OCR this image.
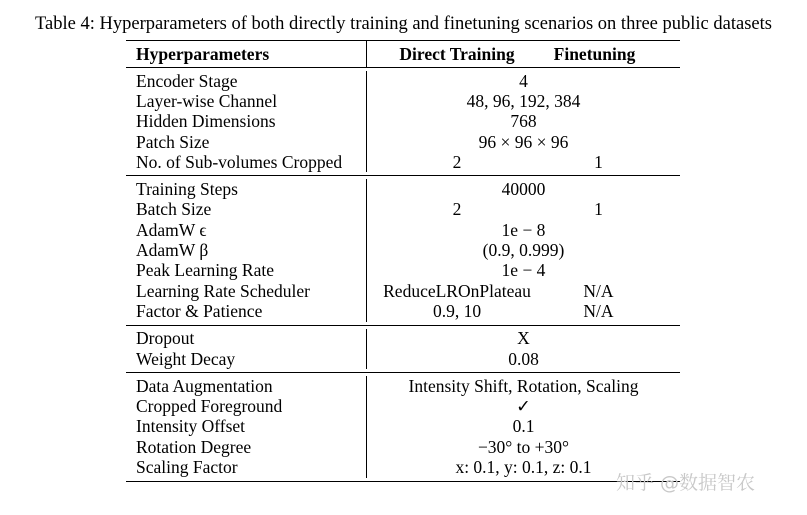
Table 4: Hyperparameters of both directly training and finetuning scenarios on three public datasets
Hyperparameters	Direct Training	Finetuning
Encoder Stage	4
Layer-wise Channel	48, 96, 192, 384
Hidden Dimensions	768
Patch Size	96 × 96 × 96
No. of Sub-volumes Cropped	2	1
Training Steps	40000
Batch Size	2	1
AdamW ϵ	1e − 8
AdamW β	(0.9, 0.999)
Peak Learning Rate	1e − 4
Learning Rate Scheduler	ReduceLROnPlateau	N/A
Factor & Patience	0.9, 10	N/A
Dropout	X
Weight Decay	0.08
Data Augmentation	Intensity Shift, Rotation, Scaling
Cropped Foreground	✓
Intensity Offset	0.1
Rotation Degree	−30° to +30°
Scaling Factor	x: 0.1, y: 0.1, z: 0.1
知乎 @数据智农
